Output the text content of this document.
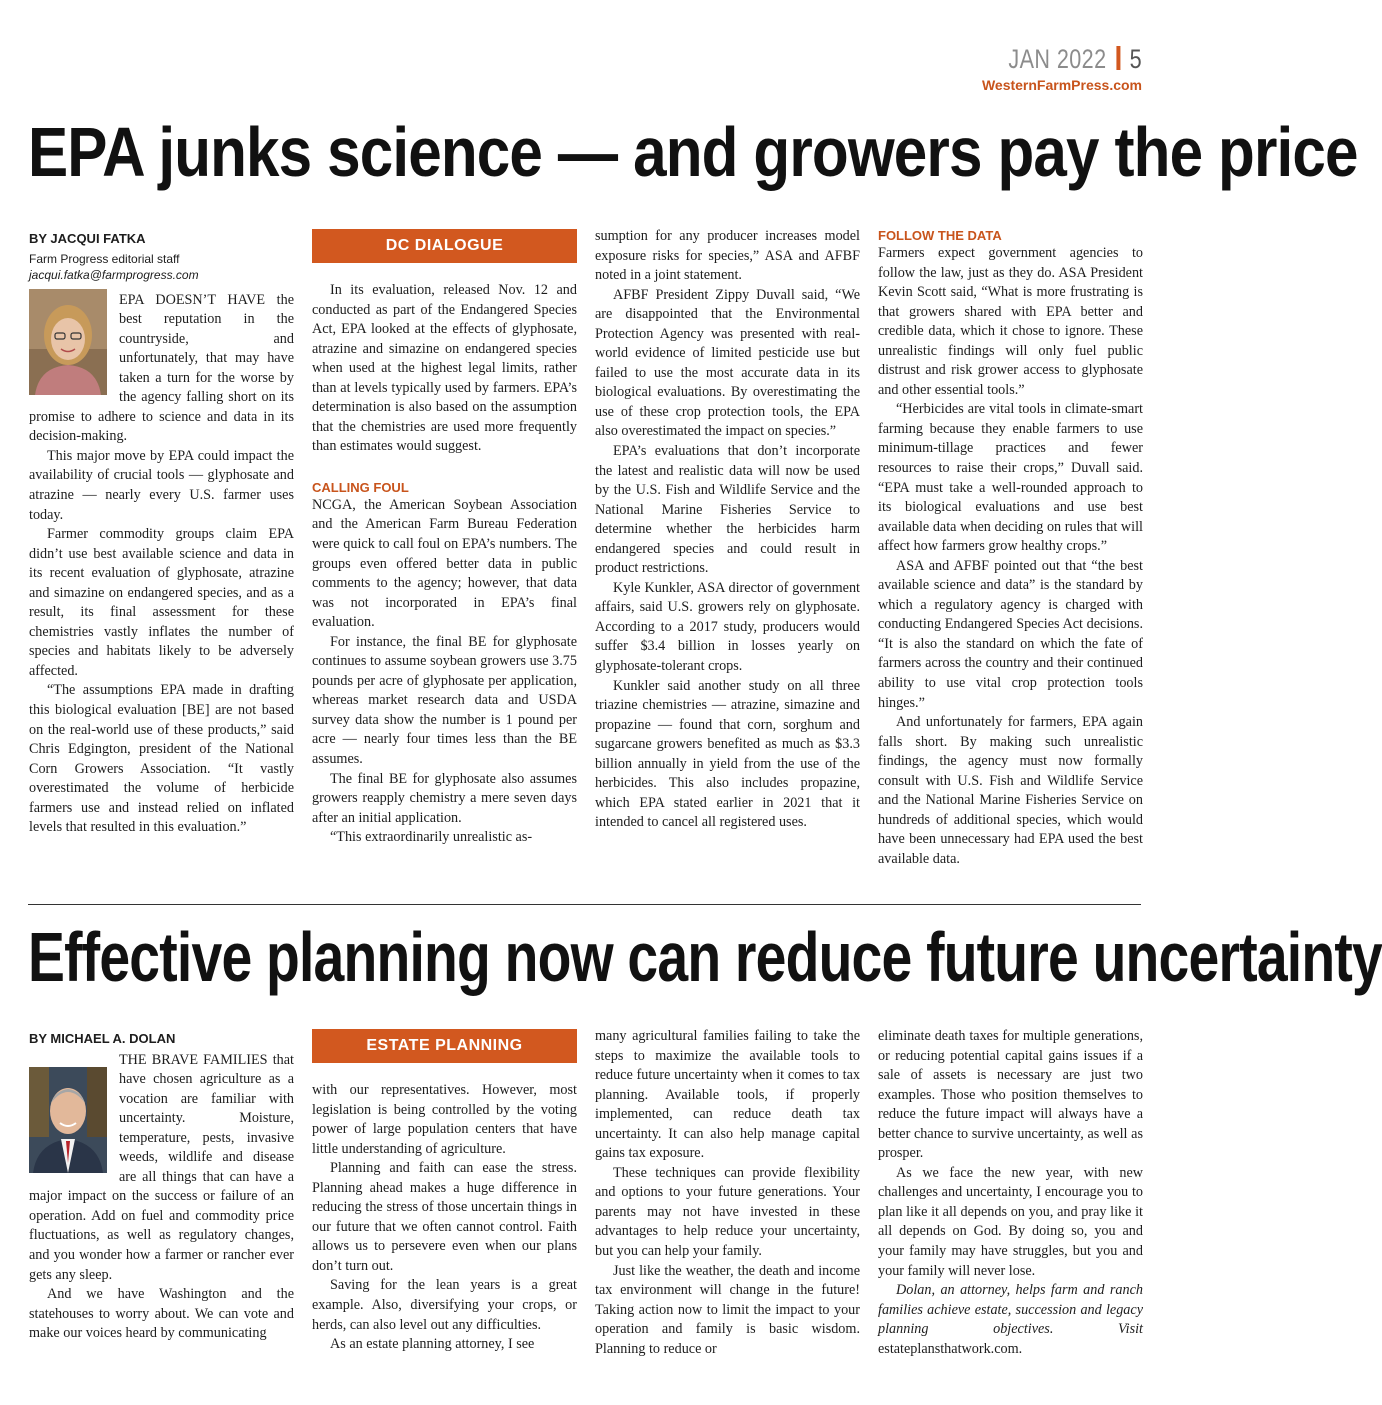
JAN 2022 5
WesternFarmPress.com
EPA junks science — and growers pay the price
BY JACQUI FATKA
Farm Progress editorial staff
jacqui.fatka@farmprogress.com

EPA DOESN’T HAVE the best reputation in the countryside, and unfortunately, that may have taken a turn for the worse by the agency falling short on its promise to adhere to science and data in its decision-making.

This major move by EPA could impact the availability of crucial tools — glyphosate and atrazine — nearly every U.S. farmer uses today.

Farmer commodity groups claim EPA didn’t use best available science and data in its recent evaluation of glyphosate, atrazine and simazine on endangered species, and as a result, its final assessment for these chemistries vastly inflates the number of species and habitats likely to be adversely affected.

“The assumptions EPA made in drafting this biological evaluation [BE] are not based on the real-world use of these products,” said Chris Edgington, president of the National Corn Growers Association. “It vastly overestimated the volume of herbicide farmers use and instead relied on inflated levels that resulted in this evaluation.”

DC DIALOGUE

In its evaluation, released Nov. 12 and conducted as part of the Endangered Species Act, EPA looked at the effects of glyphosate, atrazine and simazine on endangered species when used at the highest legal limits, rather than at levels typically used by farmers. EPA’s determination is also based on the assumption that the chemistries are used more frequently than estimates would suggest.

CALLING FOUL

NCGA, the American Soybean Association and the American Farm Bureau Federation were quick to call foul on EPA’s numbers. The groups even offered better data in public comments to the agency; however, that data was not incorporated in EPA’s final evaluation.

For instance, the final BE for glyphosate continues to assume soybean growers use 3.75 pounds per acre of glyphosate per application, whereas market research data and USDA survey data show the number is 1 pound per acre — nearly four times less than the BE assumes.

The final BE for glyphosate also assumes growers reapply chemistry a mere seven days after an initial application.

“This extraordinarily unrealistic as-

sumption for any producer increases model exposure risks for species,” ASA and AFBF noted in a joint statement.

AFBF President Zippy Duvall said, “We are disappointed that the Environmental Protection Agency was presented with real-world evidence of limited pesticide use but failed to use the most accurate data in its biological evaluations. By overestimating the use of these crop protection tools, the EPA also overestimated the impact on species.”

EPA’s evaluations that don’t incorporate the latest and realistic data will now be used by the U.S. Fish and Wildlife Service and the National Marine Fisheries Service to determine whether the herbicides harm endangered species and could result in product restrictions.

Kyle Kunkler, ASA director of government affairs, said U.S. growers rely on glyphosate. According to a 2017 study, producers would suffer $3.4 billion in losses yearly on glyphosate-tolerant crops.

Kunkler said another study on all three triazine chemistries — atrazine, simazine and propazine — found that corn, sorghum and sugarcane growers benefited as much as $3.3 billion annually in yield from the use of the herbicides. This also includes propazine, which EPA stated earlier in 2021 that it intended to cancel all registered uses.

FOLLOW THE DATA

Farmers expect government agencies to follow the law, just as they do. ASA President Kevin Scott said, “What is more frustrating is that growers shared with EPA better and credible data, which it chose to ignore. These unrealistic findings will only fuel public distrust and risk grower access to glyphosate and other essential tools.”

“Herbicides are vital tools in climate-smart farming because they enable farmers to use minimum-tillage practices and fewer resources to raise their crops,” Duvall said. “EPA must take a well-rounded approach to its biological evaluations and use best available data when deciding on rules that will affect how farmers grow healthy crops.”

ASA and AFBF pointed out that “the best available science and data” is the standard by which a regulatory agency is charged with conducting Endangered Species Act decisions. “It is also the standard on which the fate of farmers across the country and their continued ability to use vital crop protection tools hinges.”

And unfortunately for farmers, EPA again falls short. By making such unrealistic findings, the agency must now formally consult with U.S. Fish and Wildlife Service and the National Marine Fisheries Service on hundreds of additional species, which would have been unnecessary had EPA used the best available data.

Effective planning now can reduce future uncertainty
BY MICHAEL A. DOLAN

THE BRAVE FAMILIES that have chosen agriculture as a vocation are familiar with uncertainty. Moisture, temperature, pests, invasive weeds, wildlife and disease are all things that can have a major impact on the success or failure of an operation. Add on fuel and commodity price fluctuations, as well as regulatory changes, and you wonder how a farmer or rancher ever gets any sleep.

And we have Washington and the statehouses to worry about. We can vote and make our voices heard by communicating

ESTATE PLANNING

with our representatives. However, most legislation is being controlled by the voting power of large population centers that have little understanding of agriculture.

Planning and faith can ease the stress. Planning ahead makes a huge difference in reducing the stress of those uncertain things in our future that we often cannot control. Faith allows us to persevere even when our plans don’t turn out.

Saving for the lean years is a great example. Also, diversifying your crops, or herds, can also level out any difficulties.

As an estate planning attorney, I see

many agricultural families failing to take the steps to maximize the available tools to reduce future uncertainty when it comes to tax planning. Available tools, if properly implemented, can reduce death tax uncertainty. It can also help manage capital gains tax exposure.

These techniques can provide flexibility and options to your future generations. Your parents may not have invested in these advantages to help reduce your uncertainty, but you can help your family.

Just like the weather, the death and income tax environment will change in the future! Taking action now to limit the impact to your operation and family is basic wisdom. Planning to reduce or

eliminate death taxes for multiple generations, or reducing potential capital gains issues if a sale of assets is necessary are just two examples. Those who position themselves to reduce the future impact will always have a better chance to survive uncertainty, as well as prosper.

As we face the new year, with new challenges and uncertainty, I encourage you to plan like it all depends on you, and pray like it all depends on God. By doing so, you and your family may have struggles, but you and your family will never lose.

Dolan, an attorney, helps farm and ranch families achieve estate, succession and legacy planning objectives. Visit estateplansthatwork.com.
